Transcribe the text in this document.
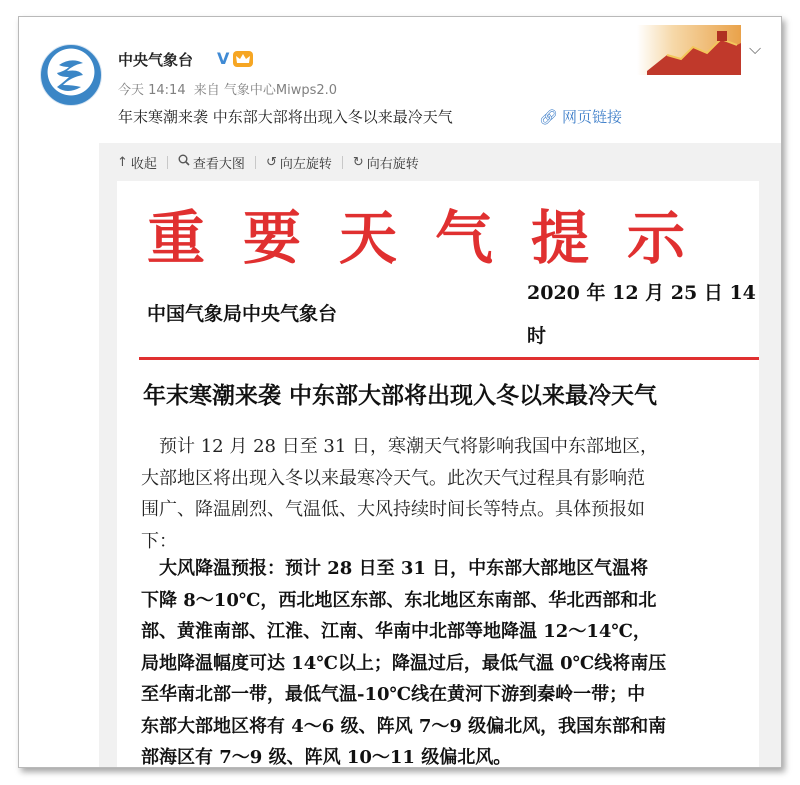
中央气象台 V
今天 14:14 来自 气象中心Miwps2.0
年末寒潮来袭 中东部大部将出现入冬以来最冷天气	🔗︎ 网页链接
⌵
↑ 收起	查看大图 ↺ 向左旋转 ↻ 向右旋转
重要天气提示
中国气象局中央气象台
2020 年 12 月 25 日 14
时
年末寒潮来袭 中东部大部将出现入冬以来最冷天气
　预计 12 月 28 日至 31 日，寒潮天气将影响我国中东部地区，
大部地区将出现入冬以来最寒冷天气。此次天气过程具有影响范
围广、降温剧烈、气温低、大风持续时间长等特点。具体预报如
下：
　大风降温预报：预计 28 日至 31 日，中东部大部地区气温将
下降 8～10℃，西北地区东部、东北地区东南部、华北西部和北
部、黄淮南部、江淮、江南、华南中北部等地降温 12～14℃，
局地降温幅度可达 14℃以上；降温过后，最低气温 0℃线将南压
至华南北部一带，最低气温-10℃线在黄河下游到秦岭一带；中
东部大部地区将有 4～6 级、阵风 7～9 级偏北风，我国东部和南
部海区有 7～9 级、阵风 10～11 级偏北风。
